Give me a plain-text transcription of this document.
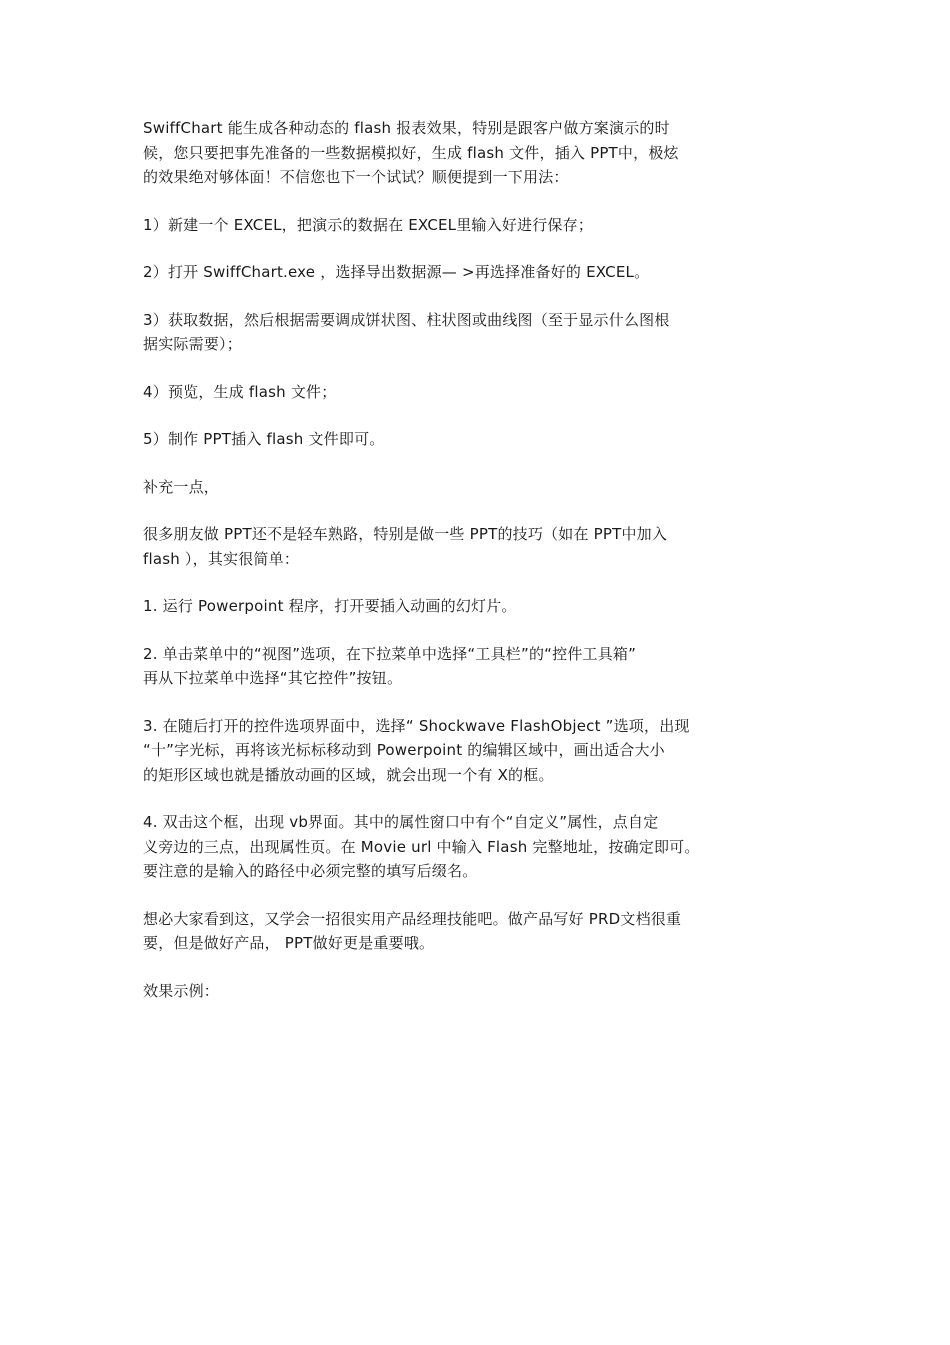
SwiffChart 能生成各种动态的 flash 报表效果，特别是跟客户做方案演示的时
候，您只要把事先准备的一些数据模拟好，生成 flash 文件，插入 PPT中，极炫
的效果绝对够体面！不信您也下一个试试？顺便提到一下用法：

1）新建一个 EXCEL，把演示的数据在 EXCEL里输入好进行保存；

2）打开 SwiffChart.exe ，选择导出数据源— >再选择准备好的 EXCEL。

3）获取数据，然后根据需要调成饼状图、柱状图或曲线图（至于显示什么图根
据实际需要）；

4）预览，生成 flash 文件；

5）制作 PPT插入 flash 文件即可。

补充一点，

很多朋友做 PPT还不是轻车熟路，特别是做一些 PPT的技巧（如在 PPT中加入
flash ），其实很简单：

1. 运行 Powerpoint 程序，打开要插入动画的幻灯片。

2. 单击菜单中的“视图”选项，在下拉菜单中选择“工具栏”的“控件工具箱”
再从下拉菜单中选择“其它控件”按钮。

3. 在随后打开的控件选项界面中，选择“ Shockwave FlashObject ”选项，出现
“十”字光标，再将该光标标移动到 Powerpoint 的编辑区域中，画出适合大小
的矩形区域也就是播放动画的区域，就会出现一个有 X的框。

4. 双击这个框，出现 vb界面。其中的属性窗口中有个“自定义”属性，点自定
义旁边的三点，出现属性页。在 Movie url 中输入 Flash 完整地址，按确定即可。
要注意的是输入的路径中必须完整的填写后缀名。

想必大家看到这，又学会一招很实用产品经理技能吧。做产品写好 PRD文档很重
要，但是做好产品， PPT做好更是重要哦。

效果示例：
